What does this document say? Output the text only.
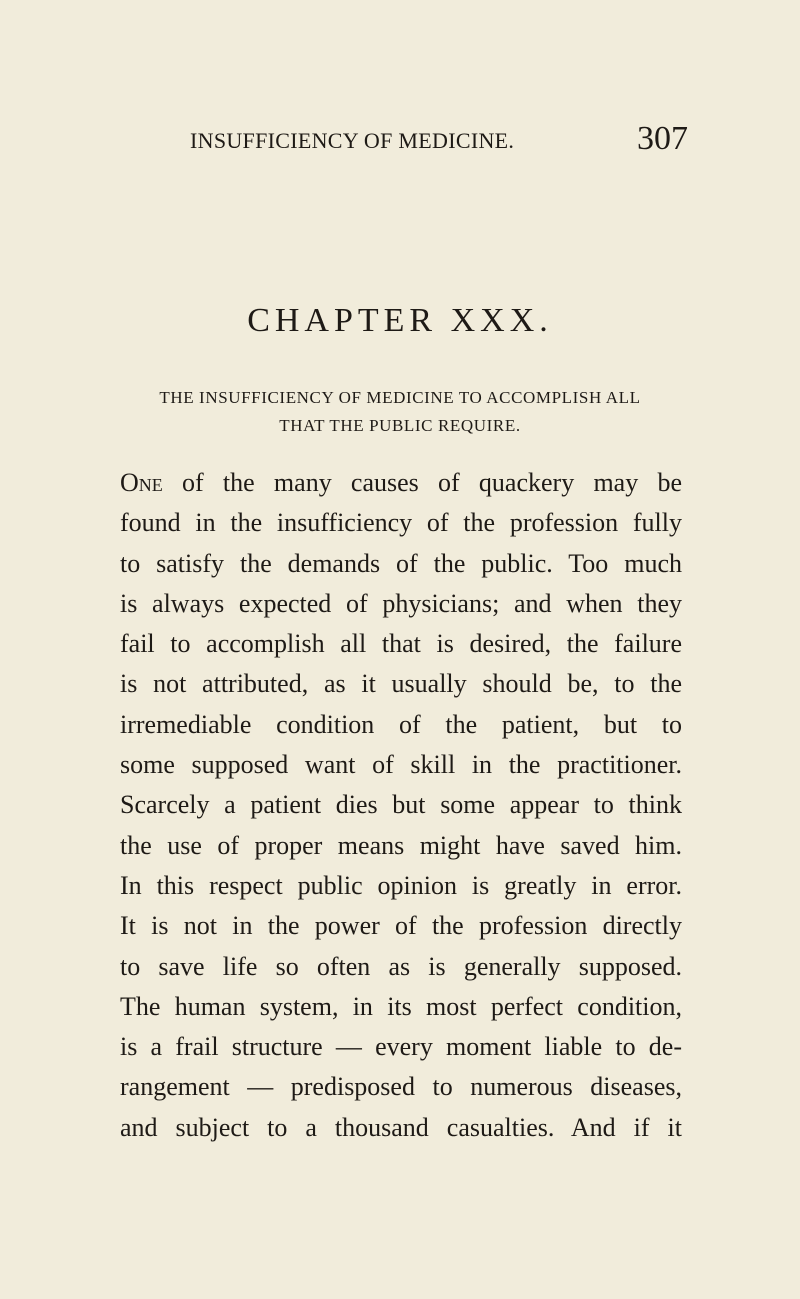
INSUFFICIENCY OF MEDICINE.	307
CHAPTER XXX.
THE INSUFFICIENCY OF MEDICINE TO ACCOMPLISH ALL
THAT THE PUBLIC REQUIRE.
One of the many causes of quackery may be
found in the insufficiency of the profession fully
to satisfy the demands of the public. Too much
is always expected of physicians; and when they
fail to accomplish all that is desired, the failure
is not attributed, as it usually should be, to the
irremediable condition of the patient, but to
some supposed want of skill in the practitioner.
Scarcely a patient dies but some appear to think
the use of proper means might have saved him.
In this respect public opinion is greatly in error.
It is not in the power of the profession directly
to save life so often as is generally supposed.
The human system, in its most perfect condition,
is a frail structure — every moment liable to de-
rangement — predisposed to numerous diseases,
and subject to a thousand casualties. And if it
